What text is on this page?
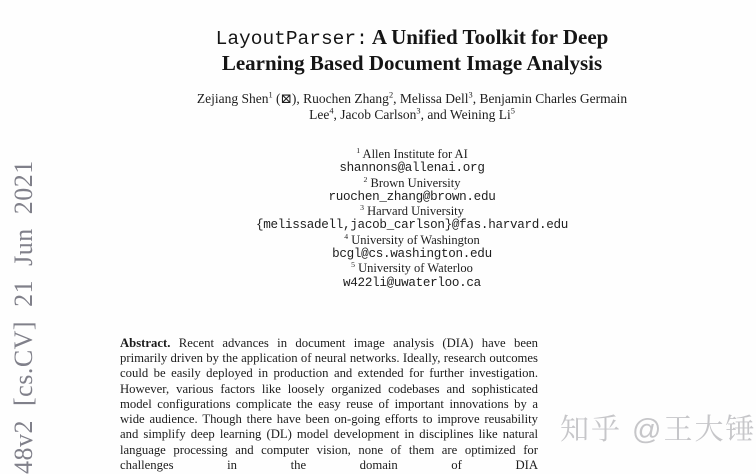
48v2 [cs.CV] 21 Jun 2021
LayoutParser: A Unified Toolkit for Deep
Learning Based Document Image Analysis
Zejiang Shen$^1$ (⊠), Ruochen Zhang$^2$, Melissa Dell$^3$, Benjamin Charles Germain
Lee$^4$, Jacob Carlson$^3$, and Weining Li$^5$
$^1$ Allen Institute for AI
shannons@allenai.org
$^2$ Brown University
ruochen_zhang@brown.edu
$^3$ Harvard University
{melissadell,jacob_carlson}@fas.harvard.edu
$^4$ University of Washington
bcgl@cs.washington.edu
$^5$ University of Waterloo
w422li@uwaterloo.ca

Abstract. Recent advances in document image analysis (DIA) have been primarily driven by the application of neural networks. Ideally, research outcomes could be easily deployed in production and extended for further investigation. However, various factors like loosely organized codebases and sophisticated model configurations complicate the easy reuse of important innovations by a wide audience. Though there have been on-going efforts to improve reusability and simplify deep learning (DL) model development in disciplines like natural language processing and computer vision, none of them are optimized for challenges in the domain of DIA

知乎 @王大锤
